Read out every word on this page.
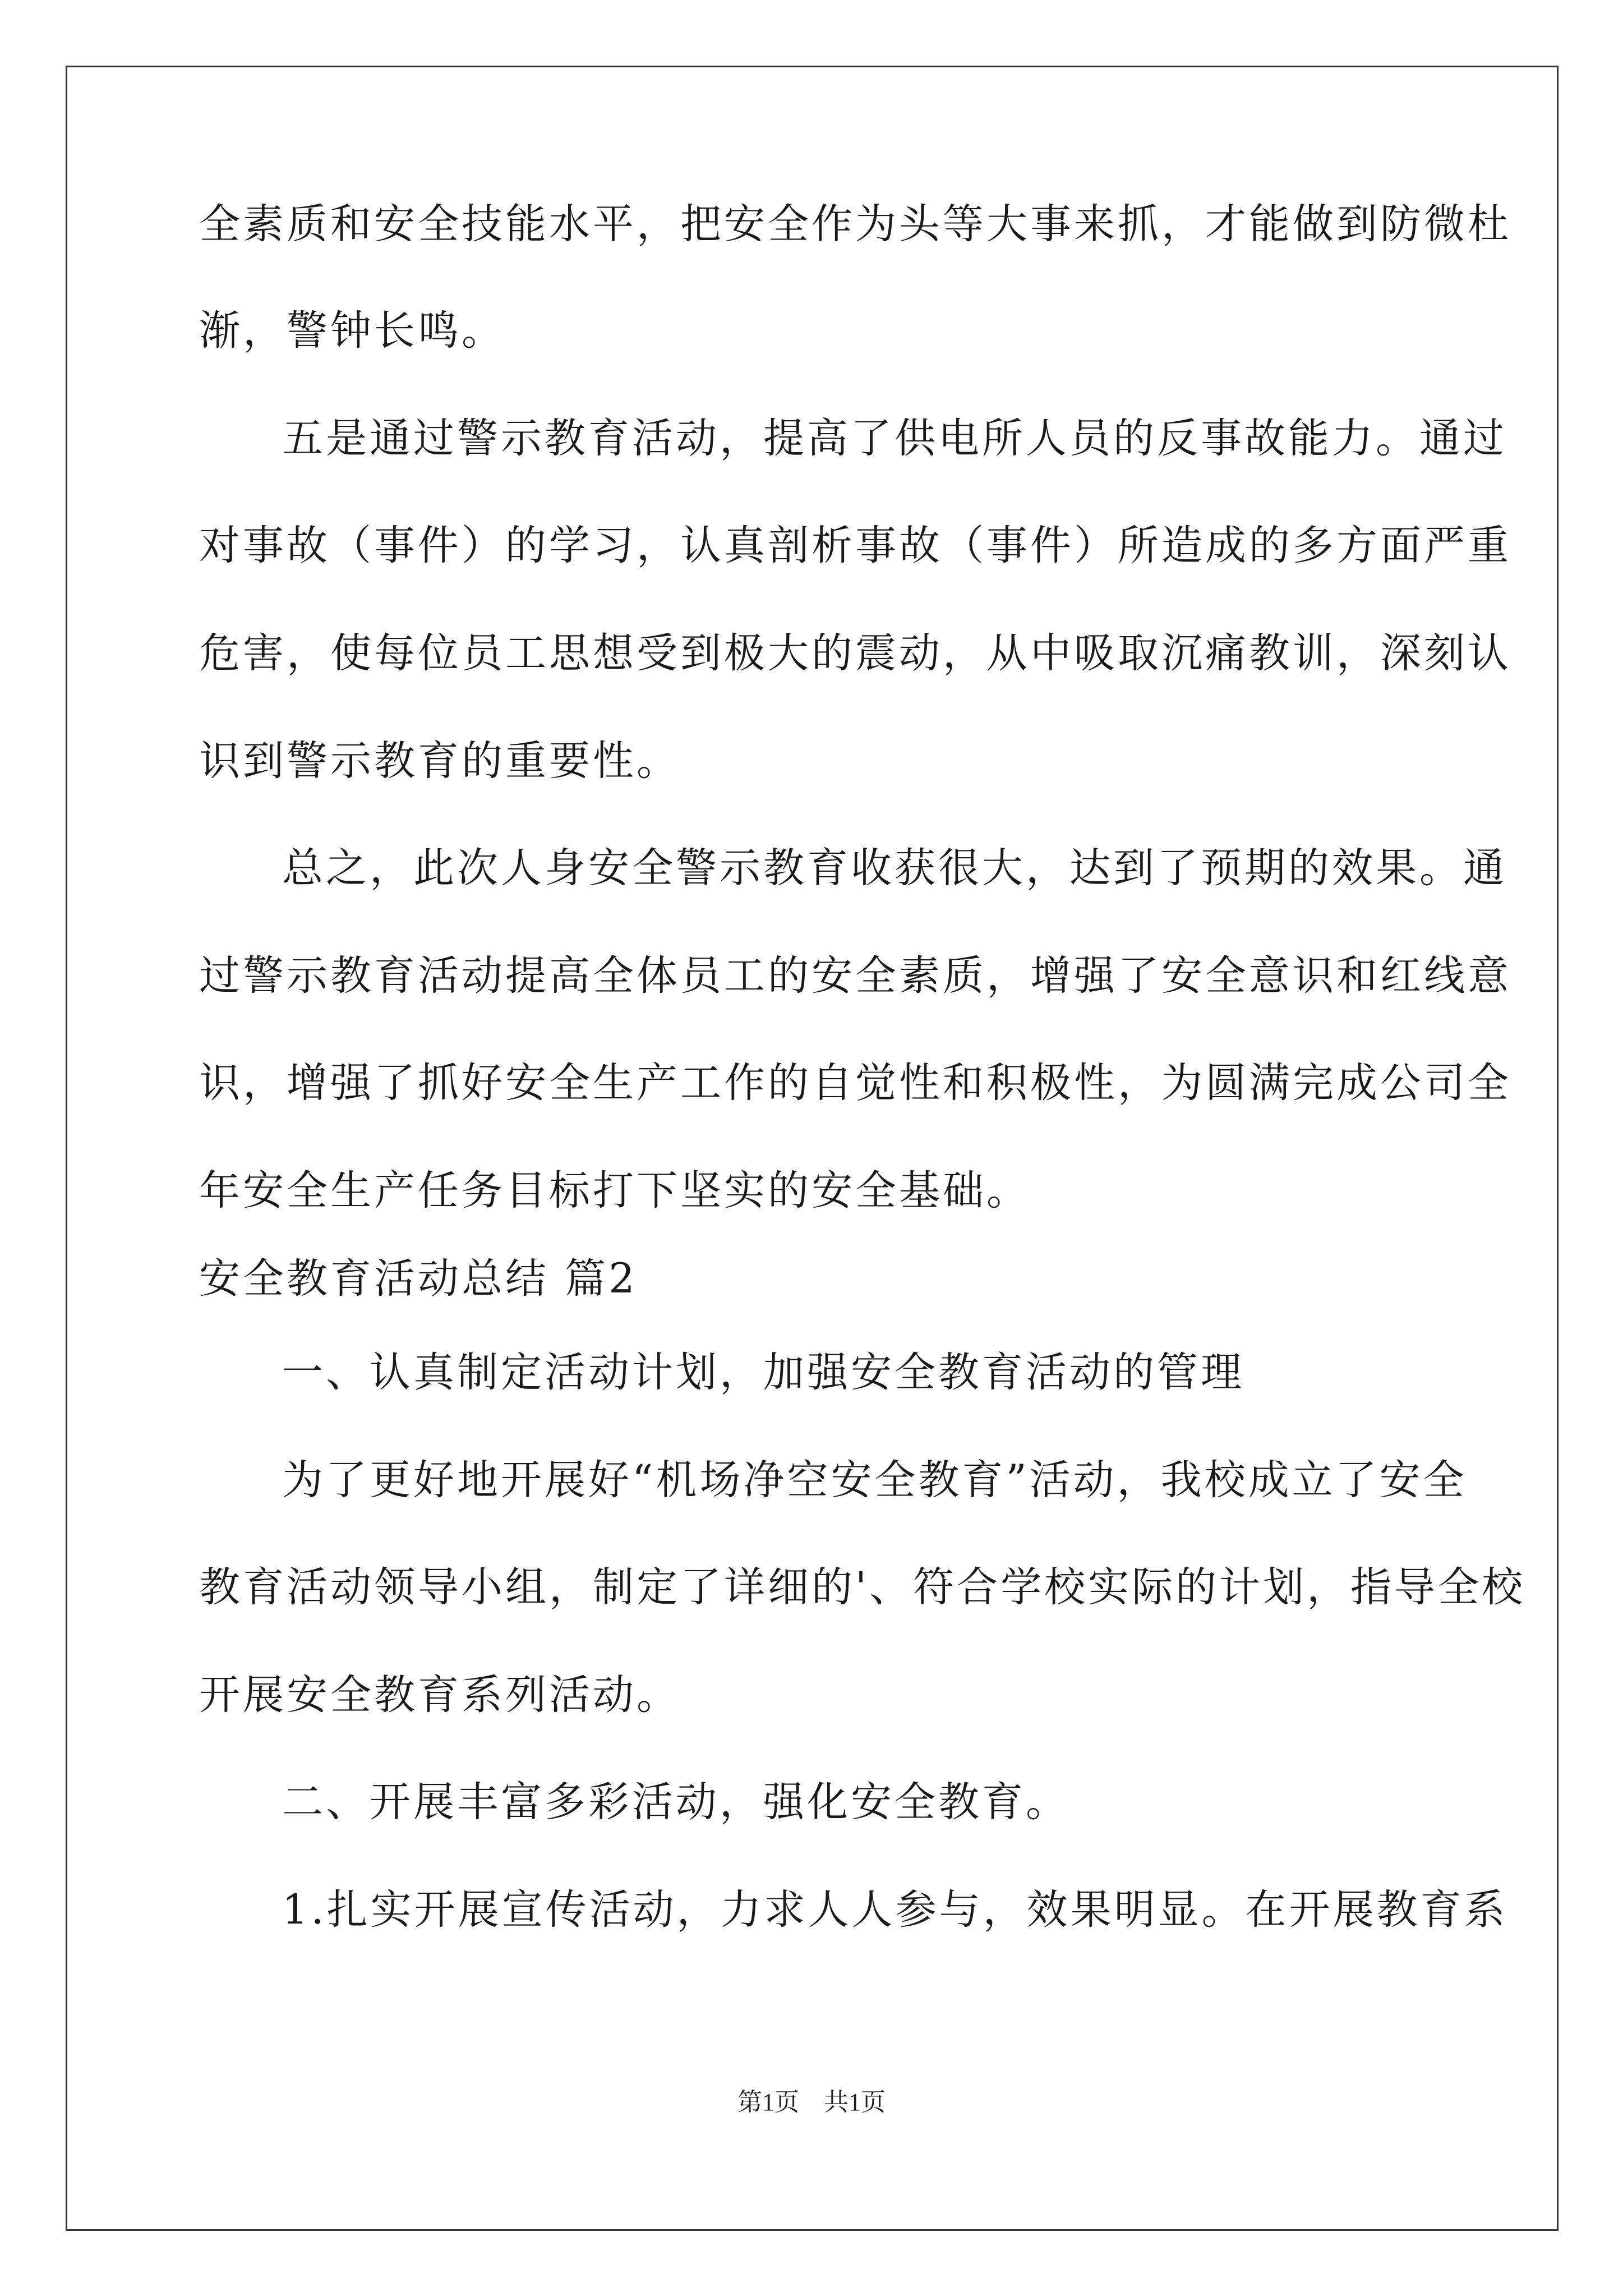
全素质和安全技能水平，把安全作为头等大事来抓，才能做到防微杜
渐，警钟长鸣。
五是通过警示教育活动，提高了供电所人员的反事故能力。通过
对事故（事件）的学习，认真剖析事故（事件）所造成的多方面严重
危害，使每位员工思想受到极大的震动，从中吸取沉痛教训，深刻认
识到警示教育的重要性。
总之，此次人身安全警示教育收获很大，达到了预期的效果。通
过警示教育活动提高全体员工的安全素质，增强了安全意识和红线意
识，增强了抓好安全生产工作的自觉性和积极性，为圆满完成公司全
年安全生产任务目标打下坚实的安全基础。
安全教育活动总结 篇2
一、认真制定活动计划，加强安全教育活动的管理
为了更好地开展好“机场净空安全教育”活动，我校成立了安全
教育活动领导小组，制定了详细的'、符合学校实际的计划，指导全校
开展安全教育系列活动。
二、开展丰富多彩活动，强化安全教育。
1.扎实开展宣传活动，力求人人参与，效果明显。在开展教育系
第1页　共1页
